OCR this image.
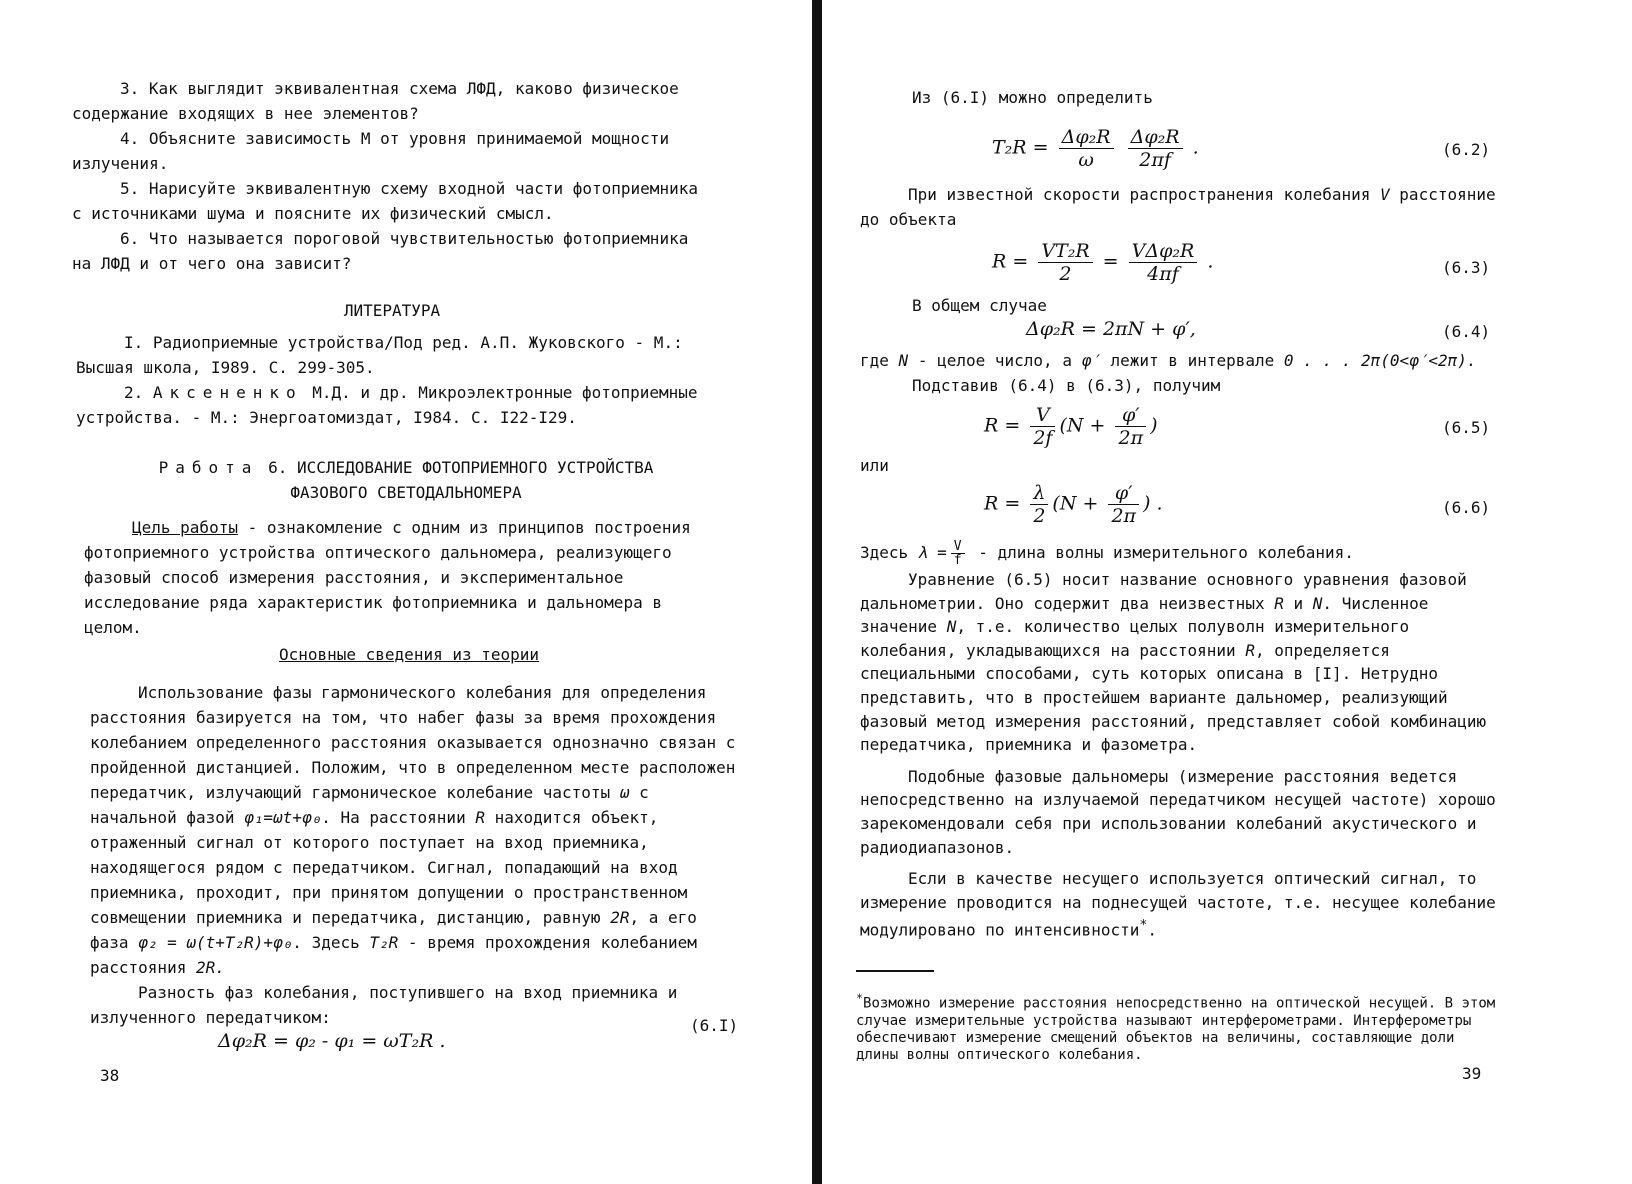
3. Как выглядит эквивалентная схема ЛФД, каково физическое содержание входящих в нее элементов?

4. Объясните зависимость М от уровня принимаемой мощности излучения.

5. Нарисуйте эквивалентную схему входной части фотоприемника с источниками шума и поясните их физический смысл.

6. Что называется пороговой чувствительностью фотоприемника на ЛФД и от чего она зависит?

ЛИТЕРАТУРА

I. Радиоприемные устройства/Под ред. А.П. Жуковского - М.: Высшая школа, I989. С. 299-305.

2. Аксененко М.Д. и др. Микроэлектронные фотоприемные устройства. - М.: Энергоатомиздат, I984. С. I22-I29.

Работа 6. ИССЛЕДОВАНИЕ ФОТОПРИЕМНОГО УСТРОЙСТВА

ФАЗОВОГО СВЕТОДАЛЬНОМЕРА

Цель работы - ознакомление с одним из принципов построения фотоприемного устройства оптического дальномера, реализующего фазовый способ измерения расстояния, и экспериментальное исследование ряда характеристик фотоприемника и дальномера в целом.

Основные сведения из теории

Использование фазы гармонического колебания для определения расстояния базируется на том, что набег фазы за время прохождения колебанием определенного расстояния оказывается однозначно связан с пройденной дистанцией. Положим, что в определенном месте расположен передатчик, излучающий гармоническое колебание частоты ω с начальной фазой φ₁=ωt+φ₀. На расстоянии R находится объект, отраженный сигнал от которого поступает на вход приемника, находящегося рядом с передатчиком. Сигнал, попадающий на вход приемника, проходит, при принятом допущении о пространственном совмещении приемника и передатчика, дистанцию, равную 2R, а его фаза φ₂ = ω(t+T₂R)+φ₀. Здесь T₂R - время прохождения колебанием расстояния 2R.

Разность фаз колебания, поступившего на вход приемника и излученного передатчиком:	(6.I)
Δφ₂R = φ₂ - φ₁ = ωT₂R .
38
Из (6.I) можно определить
$T_2R = \frac{\text{Δφ₂R}}{\omega}$
$\frac{\text{Δφ₂R}}{2\pi f}$ .	(6.2)

При известной скорости распространения колебания V расстояние до объекта

$R = \frac{\text{VT₂R}}{2} = \frac{\text{VΔφ₂R}}{4\pi f}$ .	(6.3)
В общем случае
Δφ₂R = 2πN + φ′,	(6.4)
где N - целое число, а φ′ лежит в интервале 0 . . . 2π(0<φ′<2π).
Подставив (6.4) в (6.3), получим
$R = \frac{V}{2f} (N + \frac{\varphi'}{2\pi}$ )	(6.5)
или
$R = \frac{\lambda}{2} (N + \frac{\varphi'}{2\pi}$ ) .	(6.6)
Здесь $\lambda = \frac{V}{f}$ - длина волны измерительного колебания.

Уравнение (6.5) носит название основного уравнения фазовой дальнометрии. Оно содержит два неизвестных R и N. Численное значение N, т.е. количество целых полуволн измерительного колебания, укладывающихся на расстоянии R, определяется специальными способами, суть которых описана в [I]. Нетрудно представить, что в простейшем варианте дальномер, реализующий фазовый метод измерения расстояний, представляет собой комбинацию передатчика, приемника и фазометра.

Подобные фазовые дальномеры (измерение расстояния ведется непосредственно на излучаемой передатчиком несущей частоте) хорошо зарекомендовали себя при использовании колебаний акустического и радиодиапазонов.

Если в качестве несущего используется оптический сигнал, то измерение проводится на поднесущей частоте, т.е. несущее колебание модулировано по интенсивности*.

*Возможно измерение расстояния непосредственно на оптической несущей. В этом случае измерительные устройства называют интерферометрами. Интерферометры обеспечивают измерение смещений объектов на величины, составляющие доли длины волны оптического колебания.
39
